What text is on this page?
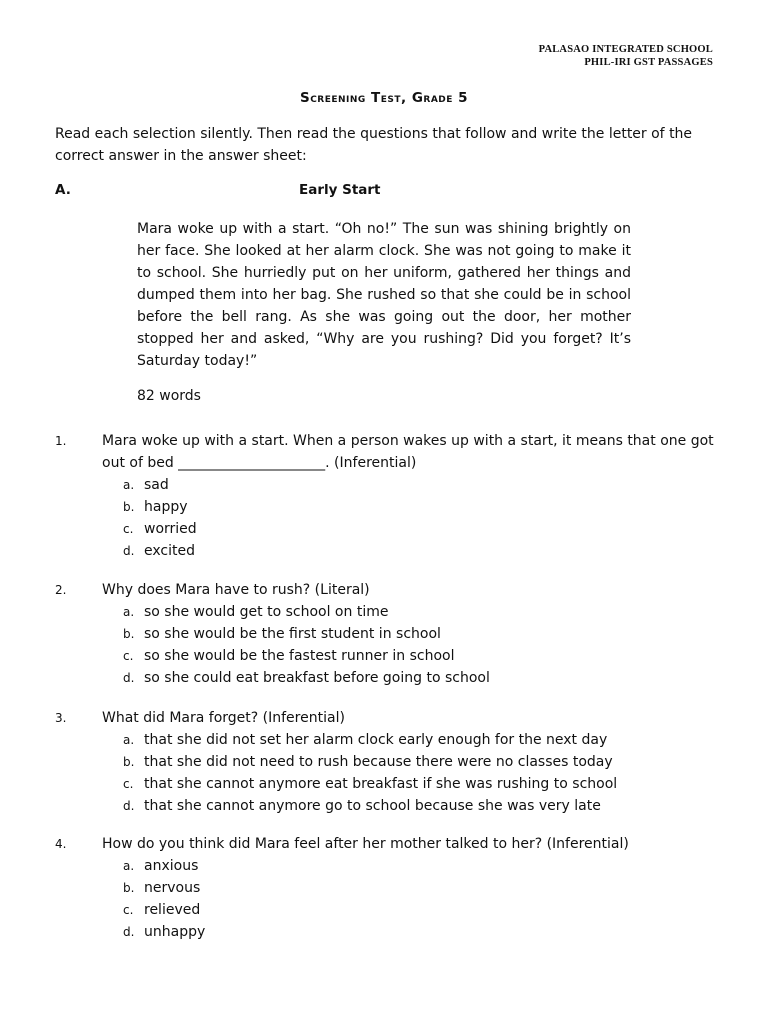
PALASAO INTEGRATED SCHOOL
PHIL-IRI GST PASSAGES
Screening Test, Grade 5
Read each selection silently. Then read the questions that follow and write the letter of the correct answer in the answer sheet:
A.	Early Start
Mara woke up with a start. “Oh no!” The sun was shining brightly on her face. She looked at her alarm clock. She was not going to make it to school. She hurriedly put on her uniform, gathered her things and dumped them into her bag. She rushed so that she could be in school before the bell rang. As she was going out the door, her mother stopped her and asked, “Why are you rushing? Did you forget? It’s Saturday today!”
82 words
1.	Mara woke up with a start. When a person wakes up with a start, it means that one got out of bed _____________________. (Inferential)
a. sad
b. happy
c. worried
d. excited
2.	Why does Mara have to rush? (Literal)
a. so she would get to school on time
b. so she would be the first student in school
c. so she would be the fastest runner in school
d. so she could eat breakfast before going to school
3.	What did Mara forget? (Inferential)
a. that she did not set her alarm clock early enough for the next day
b. that she did not need to rush because there were no classes today
c. that she cannot anymore eat breakfast if she was rushing to school
d. that she cannot anymore go to school because she was very late
4.	How do you think did Mara feel after her mother talked to her? (Inferential)
a. anxious
b. nervous
c. relieved
d. unhappy
